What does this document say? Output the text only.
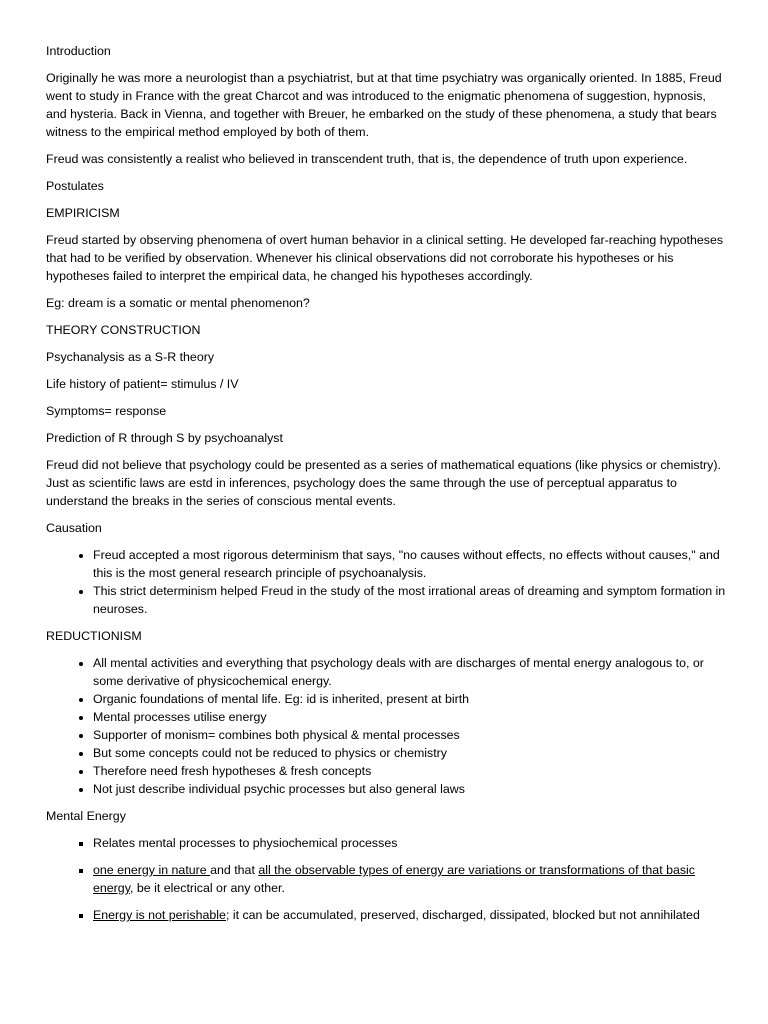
Introduction

Originally he was more a neurologist than a psychiatrist, but at that time psychiatry was organically oriented. In 1885, Freud went to study in France with the great Charcot and was introduced to the enigmatic phenomena of suggestion, hypnosis, and hysteria. Back in Vienna, and together with Breuer, he embarked on the study of these phenomena, a study that bears witness to the empirical method employed by both of them.

Freud was consistently a realist who believed in transcendent truth, that is, the dependence of truth upon experience.

Postulates

EMPIRICISM

Freud started by observing phenomena of overt human behavior in a clinical setting. He developed far-reaching hypotheses that had to be verified by observation. Whenever his clinical observations did not corroborate his hypotheses or his hypotheses failed to interpret the empirical data, he changed his hypotheses accordingly.

Eg: dream is a somatic or mental phenomenon?

THEORY CONSTRUCTION

Psychanalysis as a S-R theory

Life history of patient= stimulus / IV

Symptoms= response

Prediction of R through S by psychoanalyst

Freud did not believe that psychology could be presented as a series of mathematical equations (like physics or chemistry). Just as scientific laws are estd in inferences, psychology does the same through the use of perceptual apparatus to understand the breaks in the series of conscious mental events.

Causation

• Freud accepted a most rigorous determinism that says, "no causes without effects, no effects without causes," and this is the most general research principle of psychoanalysis.
• This strict determinism helped Freud in the study of the most irrational areas of dreaming and symptom formation in neuroses.

REDUCTIONISM

• All mental activities and everything that psychology deals with are discharges of mental energy analogous to, or some derivative of physicochemical energy.
• Organic foundations of mental life. Eg: id is inherited, present at birth
• Mental processes utilise energy
• Supporter of monism= combines both physical & mental processes
• But some concepts could not be reduced to physics or chemistry
• Therefore need fresh hypotheses & fresh concepts
• Not just describe individual psychic processes but also general laws

Mental Energy

▪ Relates mental processes to physiochemical processes
▪ one energy in nature and that all the observable types of energy are variations or transformations of that basic energy, be it electrical or any other.
▪ Energy is not perishable; it can be accumulated, preserved, discharged, dissipated, blocked but not annihilated
